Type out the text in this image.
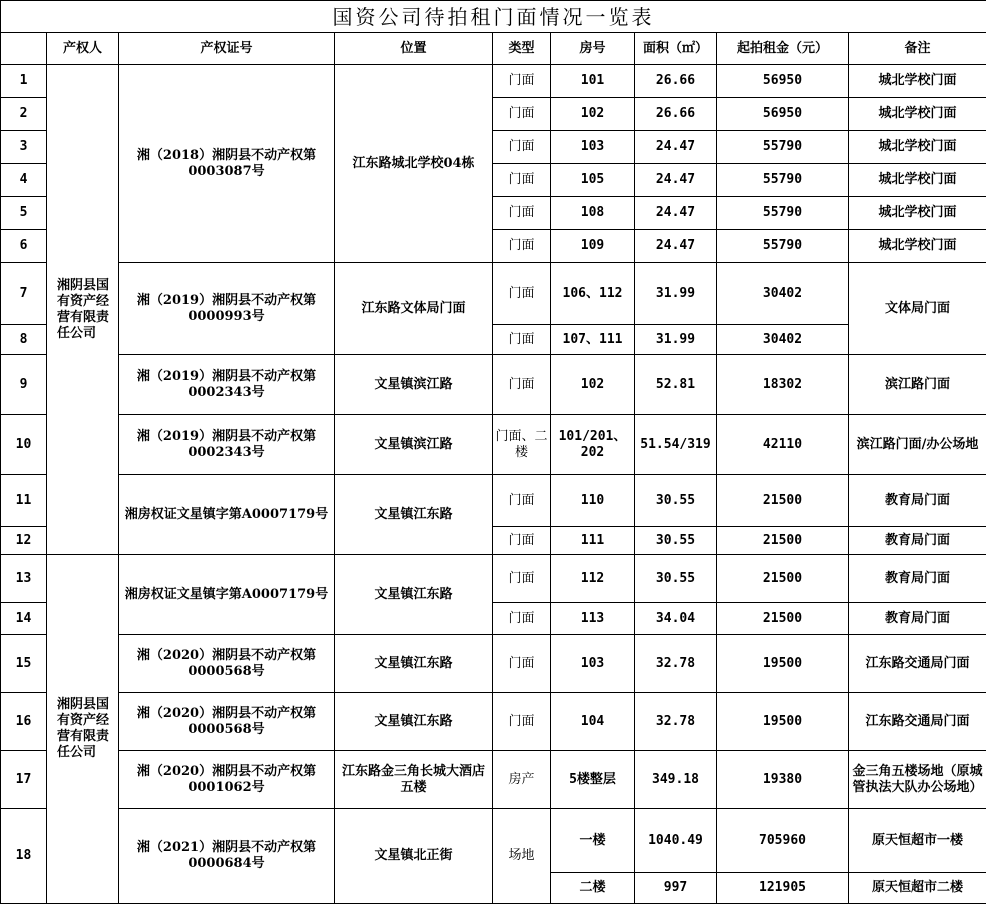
国资公司待拍租门面情况一览表								
	产权人	产权证号	位置	类型	房号	面积（㎡）	起拍租金（元）	备注
1	湘阴县国有资产经营有限责任公司	湘（2018）湘阴县不动产权第0003087号	江东路城北学校04栋	门面	101	26.66	56950	城北学校门面
2				门面	102	26.66	56950	城北学校门面
3				门面	103	24.47	55790	城北学校门面
4				门面	105	24.47	55790	城北学校门面
5				门面	108	24.47	55790	城北学校门面
6				门面	109	24.47	55790	城北学校门面
7		湘（2019）湘阴县不动产权第0000993号	江东路文体局门面	门面	106、112	31.99	30402	文体局门面
8				门面	107、111	31.99	30402	
9		湘（2019）湘阴县不动产权第0002343号	文星镇滨江路	门面	102	52.81	18302	滨江路门面
10		湘（2019）湘阴县不动产权第0002343号	文星镇滨江路	门面、二楼	101/201、202	51.54/319	42110	滨江路门面/办公场地
11		湘房权证文星镇字第A0007179号	文星镇江东路	门面	110	30.55	21500	教育局门面
12				门面	111	30.55	21500	教育局门面
13	湘阴县国有资产经营有限责任公司	湘房权证文星镇字第A0007179号	文星镇江东路	门面	112	30.55	21500	教育局门面
14				门面	113	34.04	21500	教育局门面
15		湘（2020）湘阴县不动产权第0000568号	文星镇江东路	门面	103	32.78	19500	江东路交通局门面
16		湘（2020）湘阴县不动产权第0000568号	文星镇江东路	门面	104	32.78	19500	江东路交通局门面
17		湘（2020）湘阴县不动产权第0001062号	江东路金三角长城大酒店五楼	房产	5楼整层	349.18	19380	金三角五楼场地（原城管执法大队办公场地）
18		湘（2021）湘阴县不动产权第0000684号	文星镇北正街	场地	一楼	1040.49	705960	原天恒超市一楼
					二楼	997	121905	原天恒超市二楼
